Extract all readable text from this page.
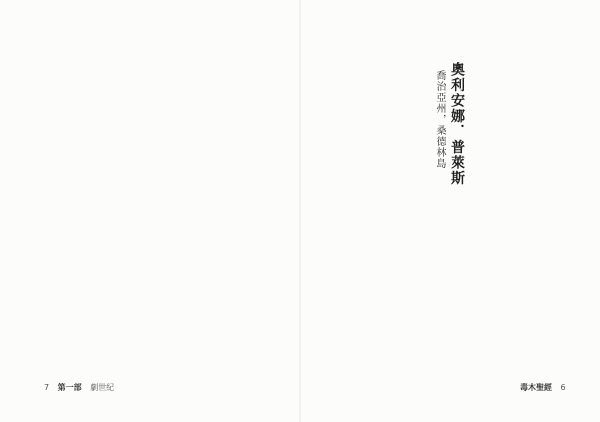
奧利安娜．普萊斯
喬治亞州，桑德林島
7 第一部 劇世紀	毒木聖經 6
